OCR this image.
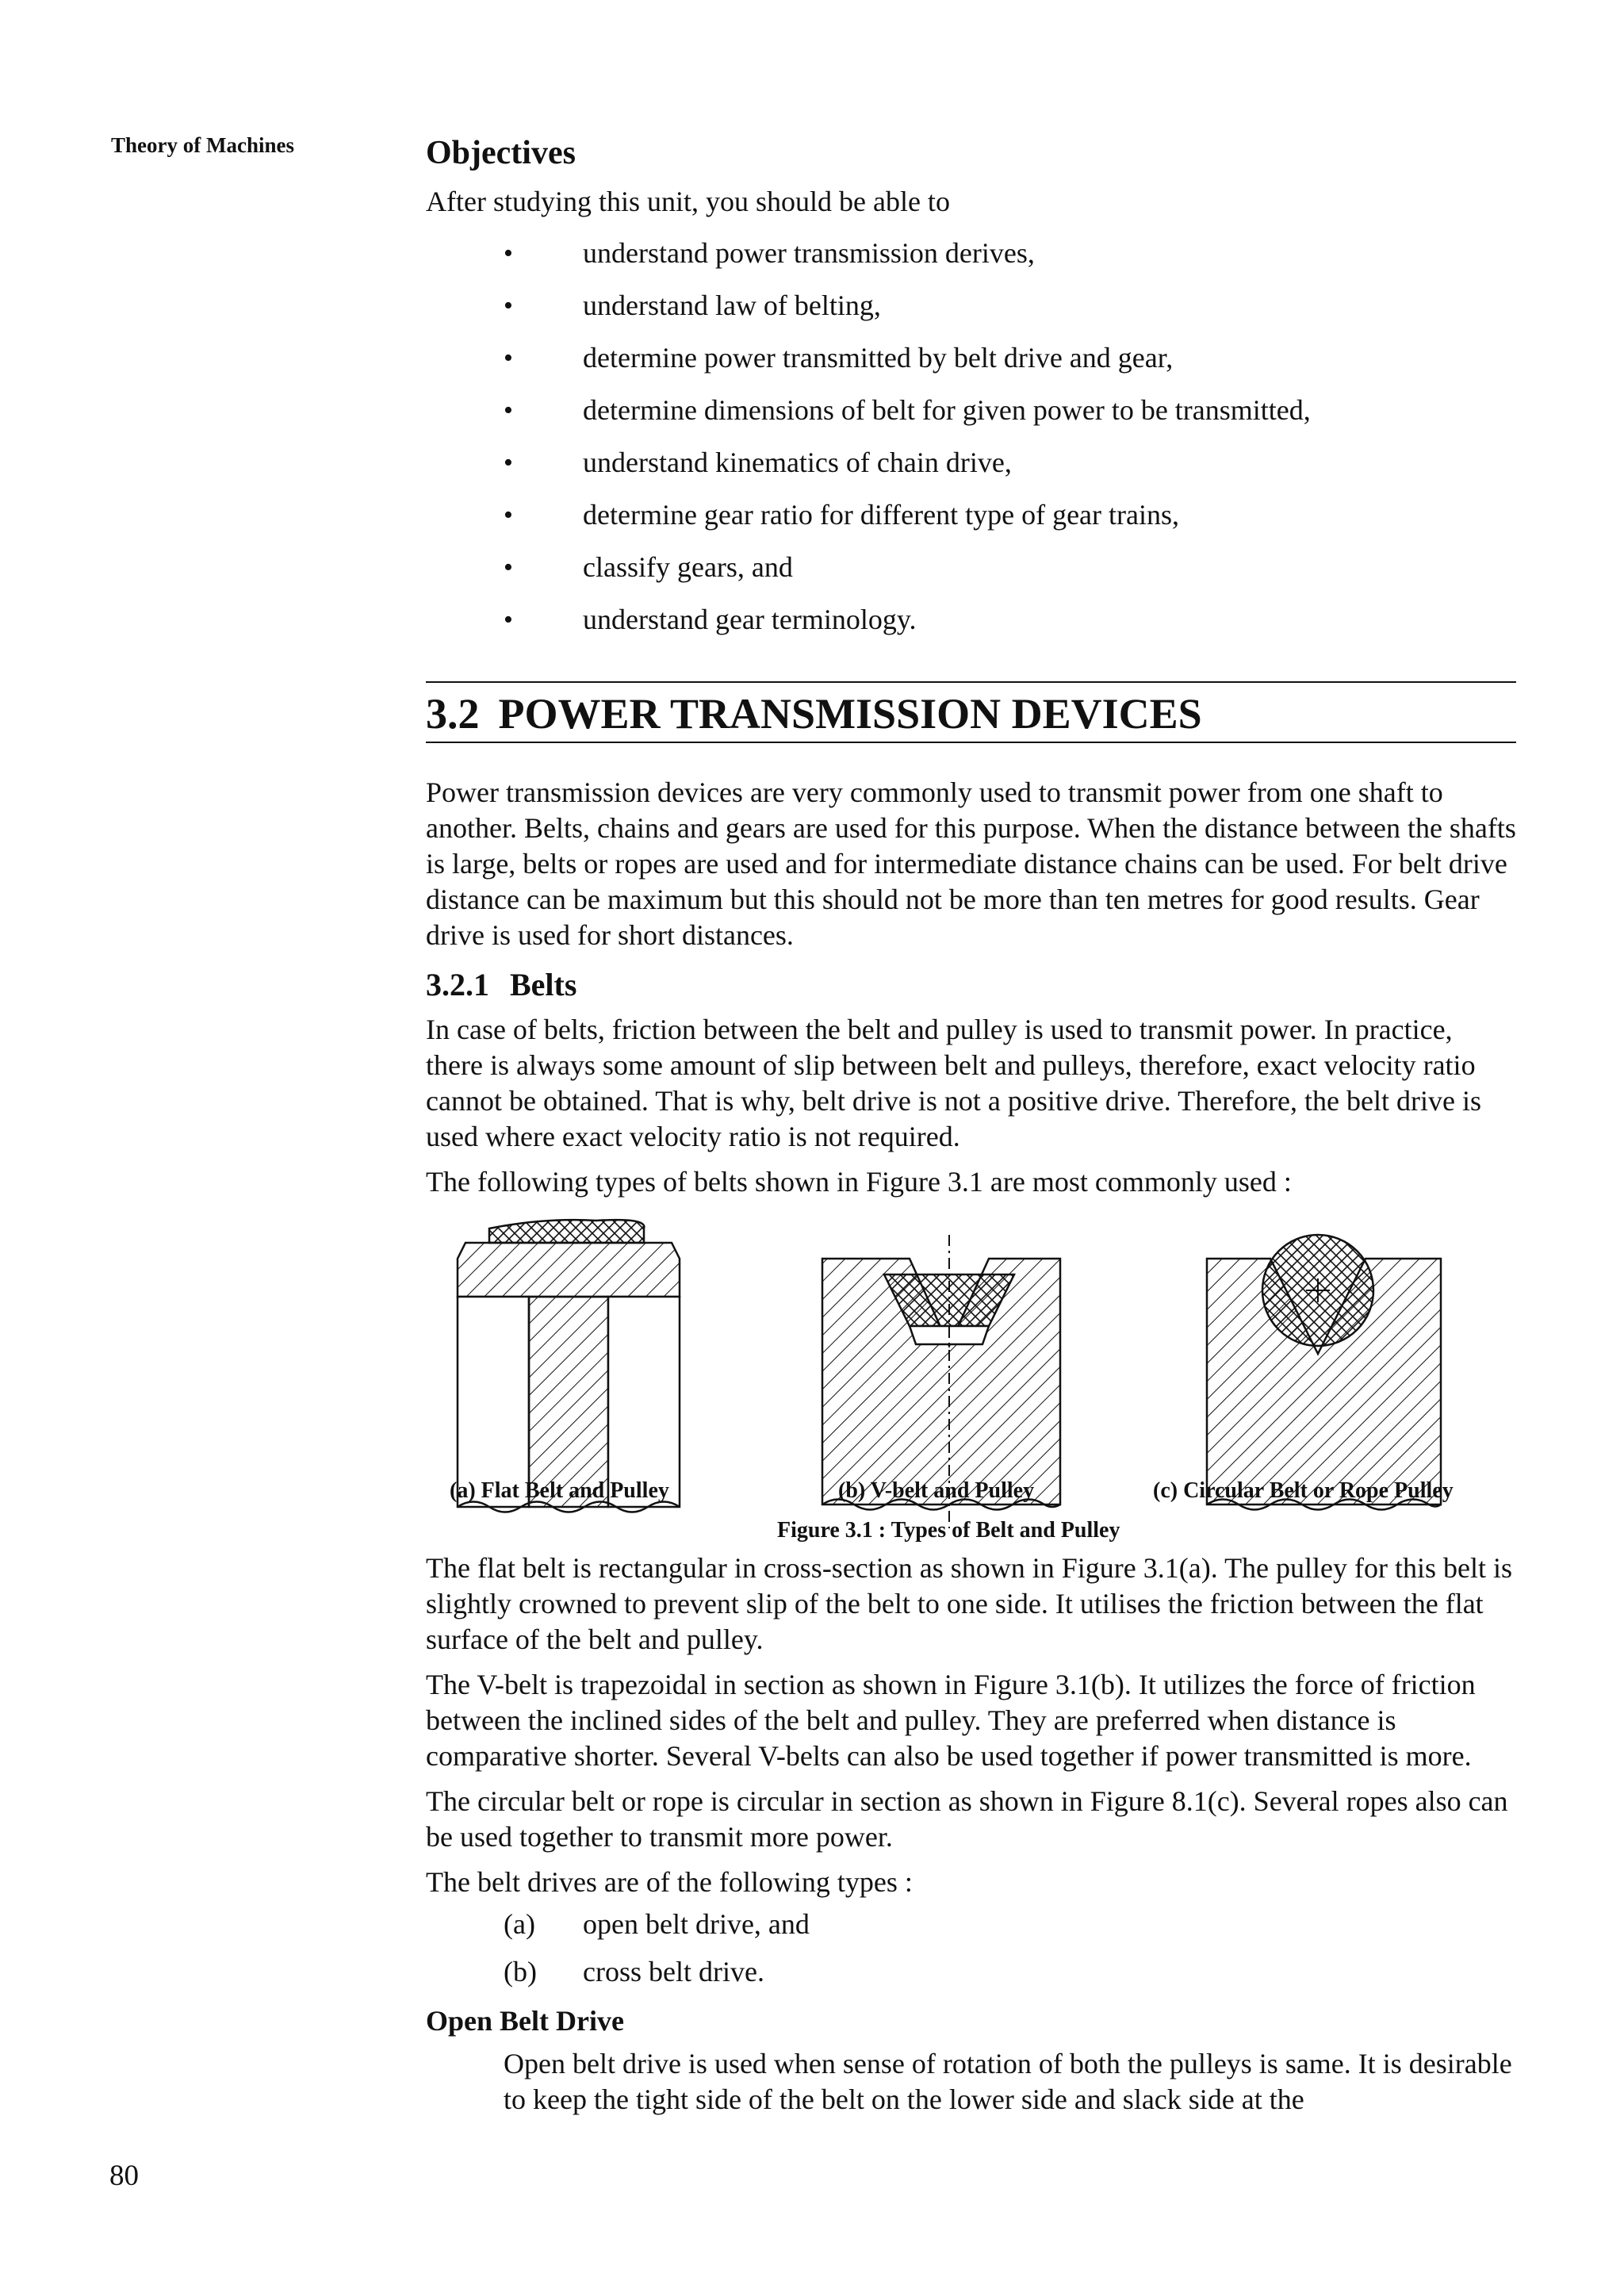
Theory of Machines
80
Objectives

After studying this unit, you should be able to

• understand power transmission derives,
• understand law of belting,
• determine power transmitted by belt drive and gear,
• determine dimensions of belt for given power to be transmitted,
• understand kinematics of chain drive,
• determine gear ratio for different type of gear trains,
• classify gears, and
• understand gear terminology.
3.2 POWER TRANSMISSION DEVICES

Power transmission devices are very commonly used to transmit power from one shaft to another. Belts, chains and gears are used for this purpose. When the distance between the shafts is large, belts or ropes are used and for intermediate distance chains can be used. For belt drive distance can be maximum but this should not be more than ten metres for good results. Gear drive is used for short distances.

3.2.1 Belts

In case of belts, friction between the belt and pulley is used to transmit power. In practice, there is always some amount of slip between belt and pulleys, therefore, exact velocity ratio cannot be obtained. That is why, belt drive is not a positive drive. Therefore, the belt drive is used where exact velocity ratio is not required.

The following types of belts shown in Figure 3.1 are most commonly used :

(a) Flat Belt and Pulley	(b) V-belt and Pulley	(c) Circular Belt or Rope Pulley
Figure 3.1 : Types of Belt and Pulley

The flat belt is rectangular in cross-section as shown in Figure 3.1(a). The pulley for this belt is slightly crowned to prevent slip of the belt to one side. It utilises the friction between the flat surface of the belt and pulley.

The V-belt is trapezoidal in section as shown in Figure 3.1(b). It utilizes the force of friction between the inclined sides of the belt and pulley. They are preferred when distance is comparative shorter. Several V-belts can also be used together if power transmitted is more.

The circular belt or rope is circular in section as shown in Figure 8.1(c). Several ropes also can be used together to transmit more power.

The belt drives are of the following types :

(a) open belt drive, and
(b) cross belt drive.
Open Belt Drive

Open belt drive is used when sense of rotation of both the pulleys is same. It is desirable to keep the tight side of the belt on the lower side and slack side at the
